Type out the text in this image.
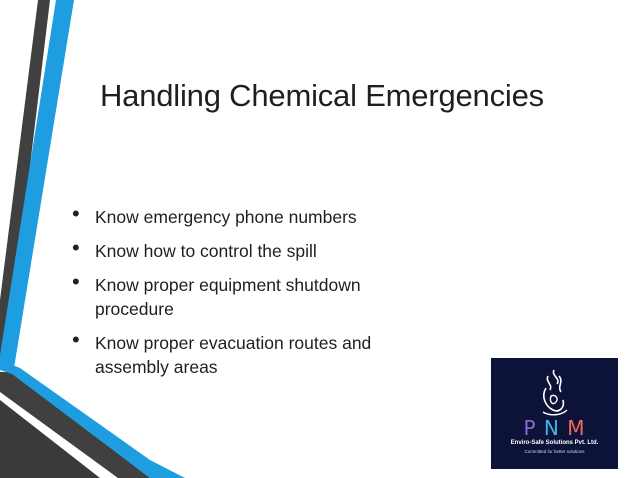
Handling Chemical Emergencies
• Know emergency phone numbers
• Know how to control the spill
• Know proper equipment shutdown procedure
• Know proper evacuation routes and assembly areas
P N M
Enviro-Safe Solutions Pvt. Ltd.
Committed for better solutions
